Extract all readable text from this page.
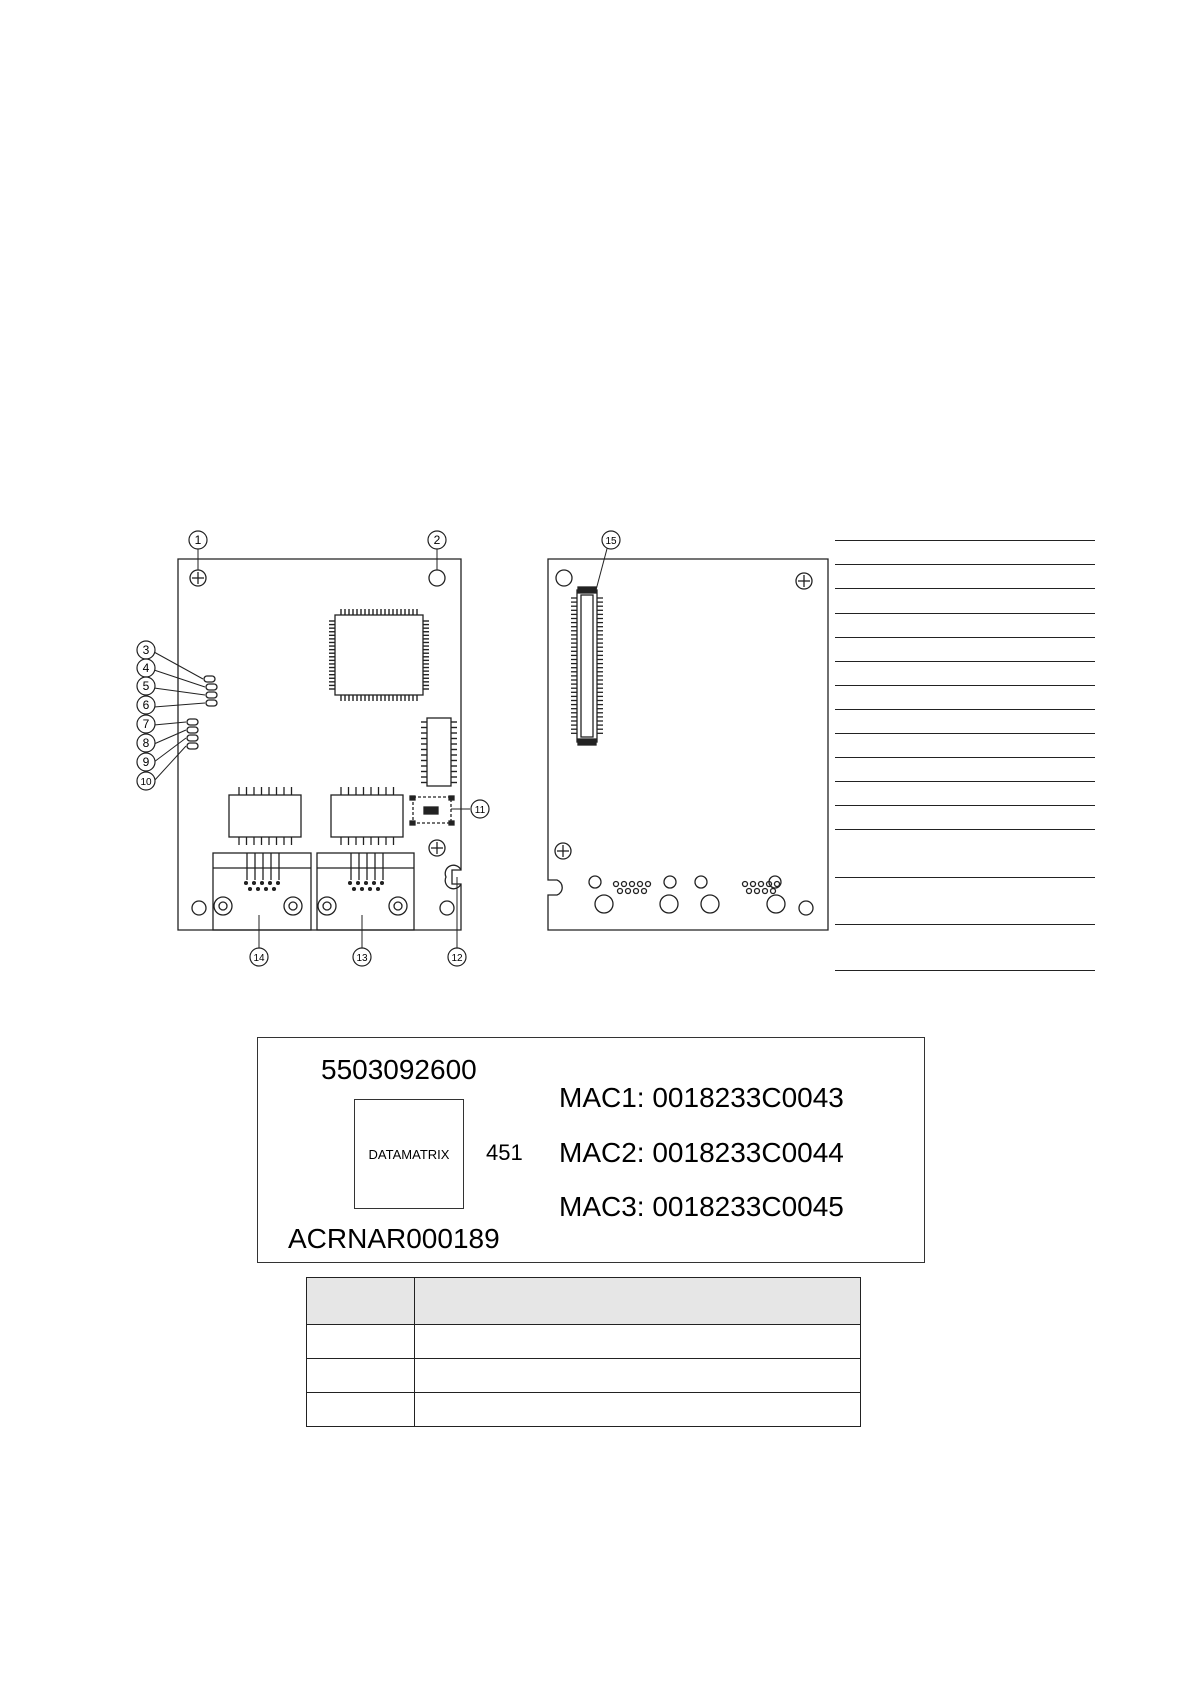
1	2
3
4
5
6
7
8
9
10
11
12
13
14
15
5503092600
DATAMATRIX 451
ACRNAR000189
MAC1: 0018233C0043
MAC2: 0018233C0044
MAC3: 0018233C0045
